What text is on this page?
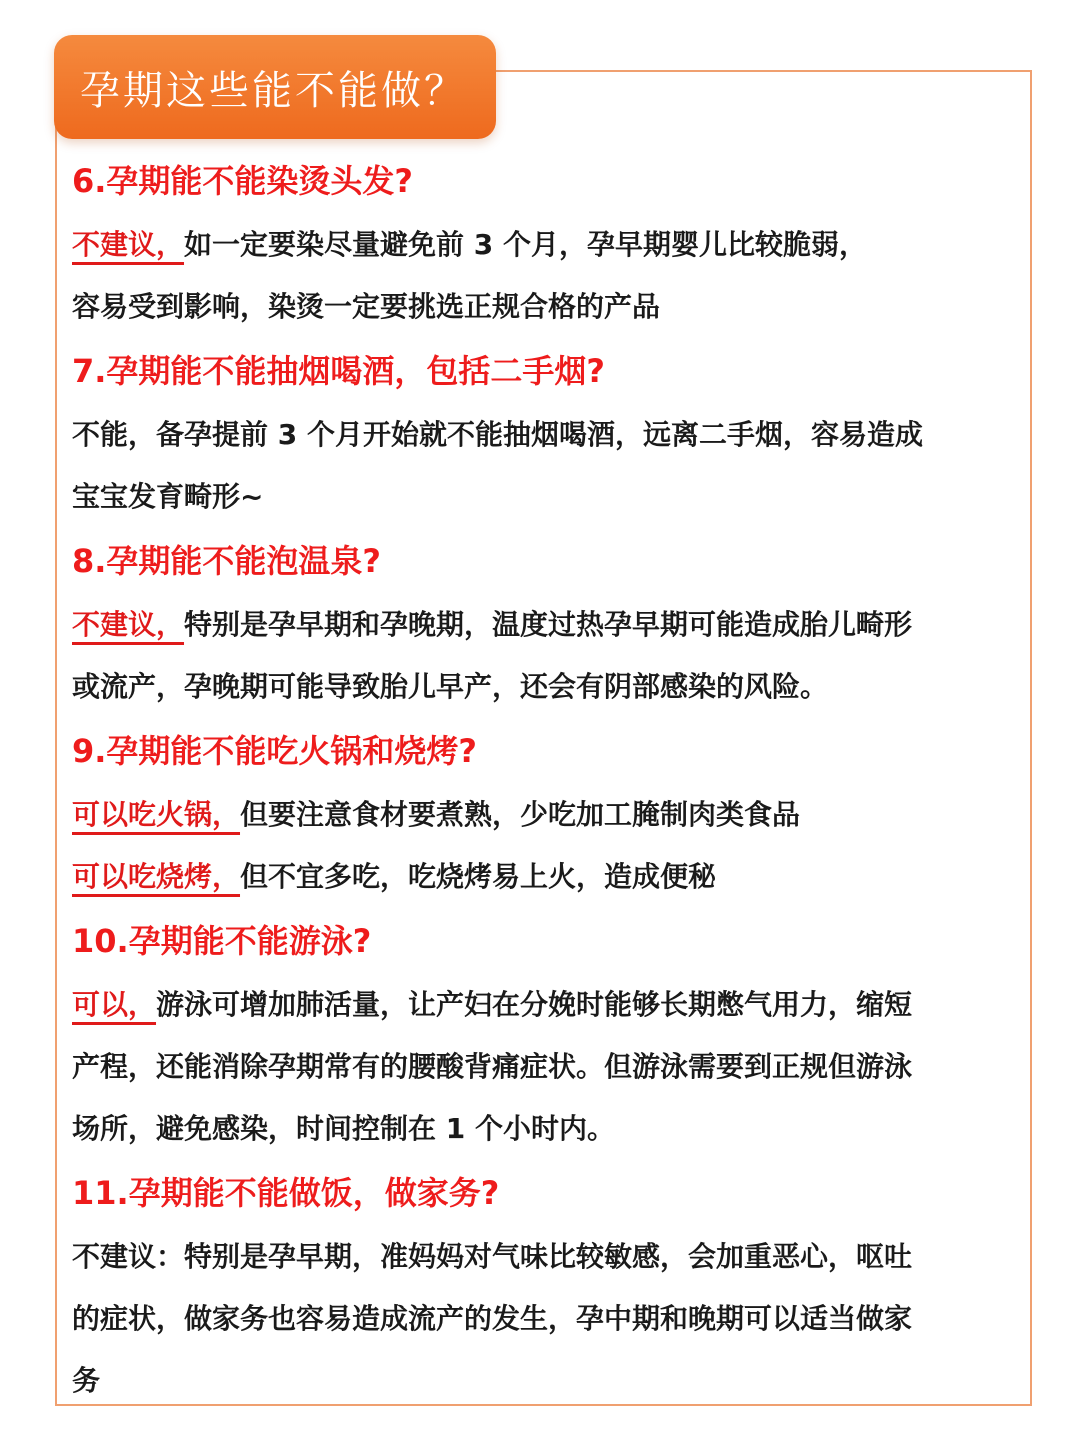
孕期这些能不能做？
6.孕期能不能染烫头发?
不建议，如一定要染尽量避免前 3 个月，孕早期婴儿比较脆弱，
容易受到影响，染烫一定要挑选正规合格的产品
7.孕期能不能抽烟喝酒，包括二手烟?
不能，备孕提前 3 个月开始就不能抽烟喝酒，远离二手烟，容易造成
宝宝发育畸形~
8.孕期能不能泡温泉?
不建议，特别是孕早期和孕晚期，温度过热孕早期可能造成胎儿畸形
或流产，孕晚期可能导致胎儿早产，还会有阴部感染的风险。
9.孕期能不能吃火锅和烧烤?
可以吃火锅，但要注意食材要煮熟，少吃加工腌制肉类食品
可以吃烧烤，但不宜多吃，吃烧烤易上火，造成便秘
10.孕期能不能游泳?
可以，游泳可增加肺活量，让产妇在分娩时能够长期憋气用力，缩短
产程，还能消除孕期常有的腰酸背痛症状。但游泳需要到正规但游泳
场所，避免感染，时间控制在 1 个小时内。
11.孕期能不能做饭，做家务?
不建议：特别是孕早期，准妈妈对气味比较敏感，会加重恶心，呕吐
的症状，做家务也容易造成流产的发生，孕中期和晚期可以适当做家
务
